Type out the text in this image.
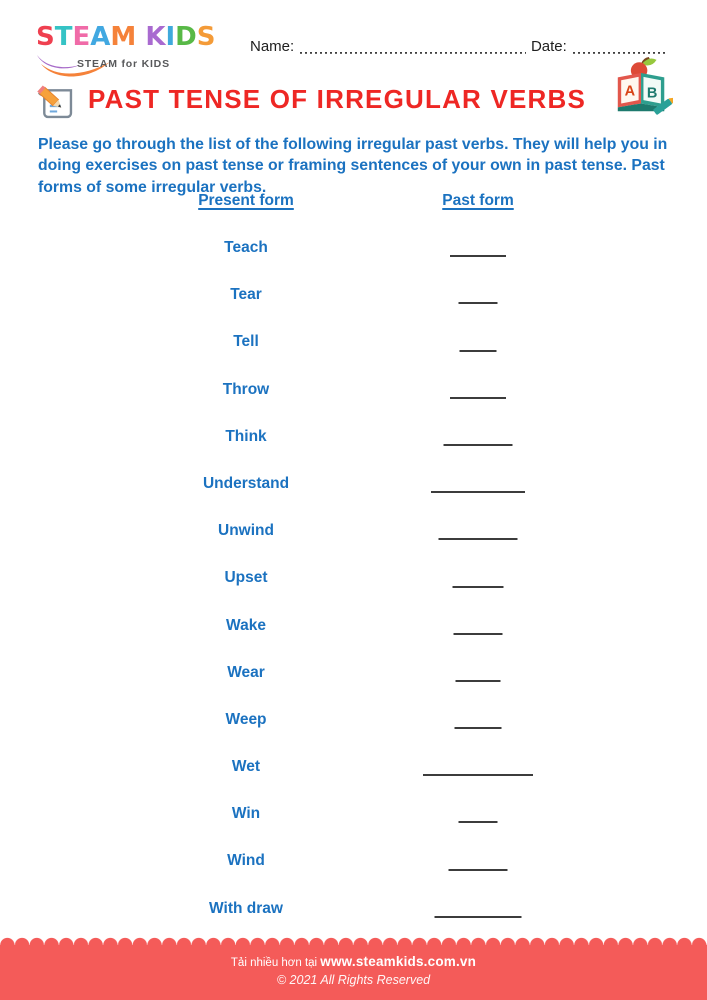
STEAM KIDS
STEAM for KIDS
Name:	Date:
PAST TENSE OF IRREGULAR VERBS	A B

Please go through the list of the following irregular past verbs. They will help you in doing exercises on past tense or framing sentences of your own in past tense. Past forms of some irregular verbs.

Present form	Past form
Teach
Tear
Tell
Throw
Think
Understand
Unwind
Upset
Wake
Wear
Weep
Wet
Win
Wind
With draw
Tải nhiều hơn tại www.steamkids.com.vn
© 2021 All Rights Reserved
